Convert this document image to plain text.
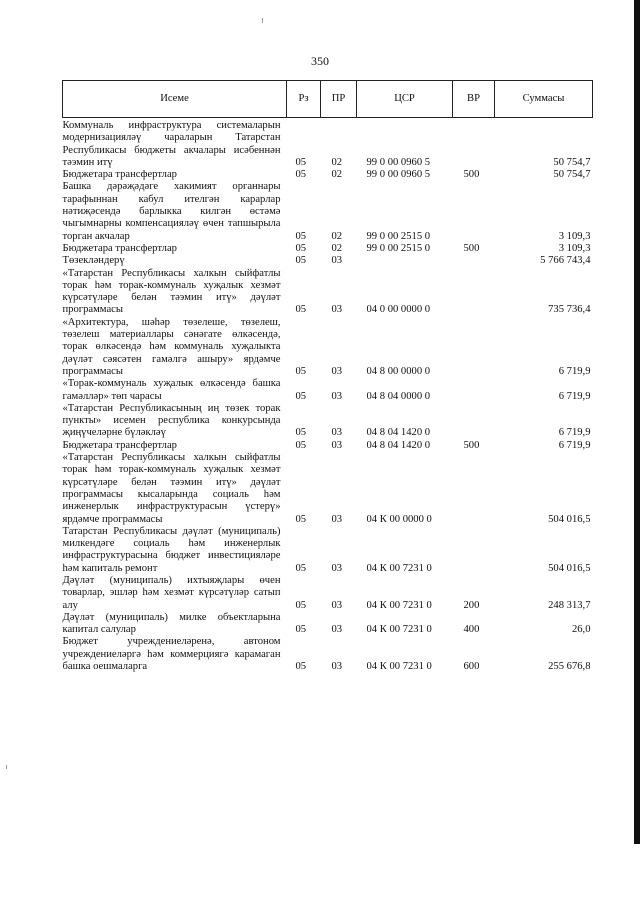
350
Исеме	Рз	ПР	ЦСР	ВР	Суммасы
Коммуналь инфраструктура системаларын модернизацияләү чараларын Татарстан Республикасы бюджеты акчалары исәбеннән тәэмин итү	05	02	99 0 00 0960 5		50 754,7
Бюджетара трансфертлар	05	02	99 0 00 0960 5	500	50 754,7
Башка дәрәҗәдәге хакимият органнары тарафыннан кабул ителгән карарлар нәтиҗәсендә барлыкка килгән өстәмә чыгымнарны компенсацияләү өчен тапшырыла торган акчалар	05	02	99 0 00 2515 0		3 109,3
Бюджетара трансфертлар	05	02	99 0 00 2515 0	500	3 109,3
Төзекләндерү	05	03			5 766 743,4
«Татарстан Республикасы халкын сыйфатлы торак һәм торак-коммуналь хуҗалык хезмәт күрсәтүләре белән тәэмин итү» дәүләт программасы	05	03	04 0 00 0000 0		735 736,4
«Архитектура, шәһәр төзелеше, төзелеш, төзелеш материаллары сәнәгате өлкәсендә, торак өлкәсендә һәм коммуналь хуҗалыкта дәүләт сәясәтен гамәлгә ашыру» ярдәмче программасы	05	03	04 8 00 0000 0		6 719,9
«Торак-коммуналь хуҗалык өлкәсендә башка гамәлләр» төп чарасы	05	03	04 8 04 0000 0		6 719,9
«Татарстан Республикасының иң төзек торак пункты» исемен республика конкурсында җиңүчеләрне бүләкләү	05	03	04 8 04 1420 0		6 719,9
Бюджетара трансфертлар	05	03	04 8 04 1420 0	500	6 719,9
«Татарстан Республикасы халкын сыйфатлы торак һәм торак-коммуналь хуҗалык хезмәт күрсәтүләре белән тәэмин итү» дәүләт программасы кысаларында социаль һәм инженерлык инфраструктурасын үстерү» ярдәмче программасы	05	03	04 К 00 0000 0		504 016,5
Татарстан Республикасы дәүләт (муниципаль) милкендәге социаль һәм инженерлык инфраструктурасына бюджет инвестицияләре һәм капиталь ремонт	05	03	04 К 00 7231 0		504 016,5
Дәүләт (муниципаль) ихтыяҗлары өчен товарлар, эшләр һәм хезмәт күрсәтүләр сатып алу	05	03	04 К 00 7231 0	200	248 313,7
Дәүләт (муниципаль) милке объектларына капитал салулар	05	03	04 К 00 7231 0	400	26,0
Бюджет учреждениеләренә, автоном учреждениеләргә һәм коммерциягә карамаган башка оешмаларга	05	03	04 К 00 7231 0	600	255 676,8
